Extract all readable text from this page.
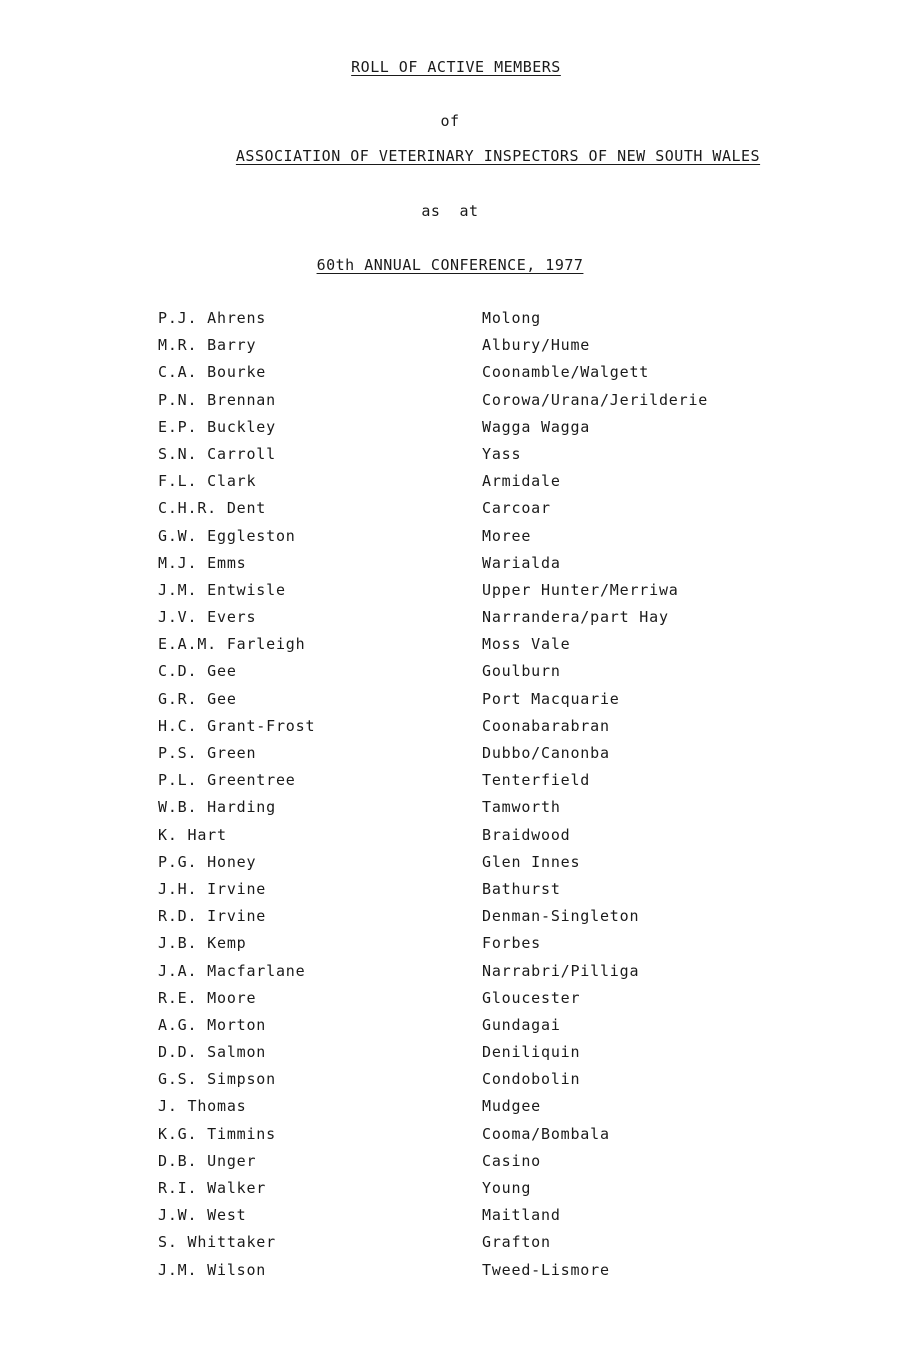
ROLL OF ACTIVE MEMBERS
of
ASSOCIATION OF VETERINARY INSPECTORS OF NEW SOUTH WALES
as  at
60th ANNUAL CONFERENCE, 1977
P.J. Ahrens	Molong
M.R. Barry	Albury/Hume
C.A. Bourke	Coonamble/Walgett
P.N. Brennan	Corowa/Urana/Jerilderie
E.P. Buckley	Wagga Wagga
S.N. Carroll	Yass
F.L. Clark	Armidale
C.H.R. Dent	Carcoar
G.W. Eggleston	Moree
M.J. Emms	Warialda
J.M. Entwisle	Upper Hunter/Merriwa
J.V. Evers	Narrandera/part Hay
E.A.M. Farleigh	Moss Vale
C.D. Gee	Goulburn
G.R. Gee	Port Macquarie
H.C. Grant-Frost	Coonabarabran
P.S. Green	Dubbo/Canonba
P.L. Greentree	Tenterfield
W.B. Harding	Tamworth
K. Hart	Braidwood
P.G. Honey	Glen Innes
J.H. Irvine	Bathurst
R.D. Irvine	Denman-Singleton
J.B. Kemp	Forbes
J.A. Macfarlane	Narrabri/Pilliga
R.E. Moore	Gloucester
A.G. Morton	Gundagai
D.D. Salmon	Deniliquin
G.S. Simpson	Condobolin
J. Thomas	Mudgee
K.G. Timmins	Cooma/Bombala
D.B. Unger	Casino
R.I. Walker	Young
J.W. West	Maitland
S. Whittaker	Grafton
J.M. Wilson	Tweed-Lismore
